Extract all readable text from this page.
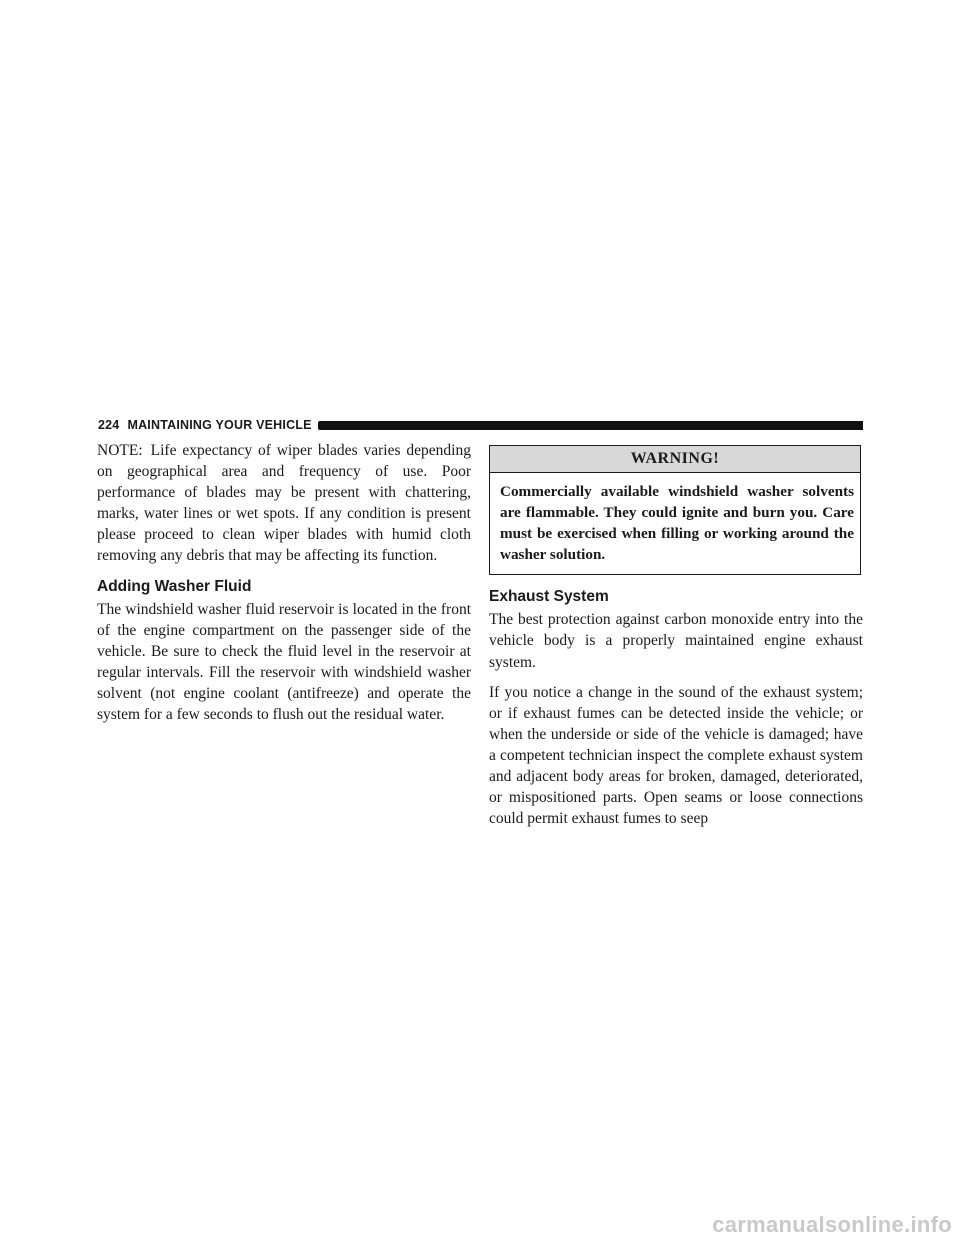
224 MAINTAINING YOUR VEHICLE

NOTE: Life expectancy of wiper blades varies depending on geographical area and frequency of use. Poor performance of blades may be present with chattering, marks, water lines or wet spots. If any condition is present please proceed to clean wiper blades with humid cloth removing any debris that may be affecting its function.

Adding Washer Fluid

The windshield washer fluid reservoir is located in the front of the engine compartment on the passenger side of the vehicle. Be sure to check the fluid level in the reservoir at regular intervals. Fill the reservoir with windshield washer solvent (not engine coolant (antifreeze) and operate the system for a few seconds to flush out the residual water.

WARNING!
Commercially available windshield washer solvents are flammable. They could ignite and burn you. Care must be exercised when filling or working around the washer solution.
Exhaust System

The best protection against carbon monoxide entry into the vehicle body is a properly maintained engine exhaust system.

If you notice a change in the sound of the exhaust system; or if exhaust fumes can be detected inside the vehicle; or when the underside or side of the vehicle is damaged; have a competent technician inspect the complete exhaust system and adjacent body areas for broken, damaged, deteriorated, or mispositioned parts. Open seams or loose connections could permit exhaust fumes to seep

carmanualsonline.info
